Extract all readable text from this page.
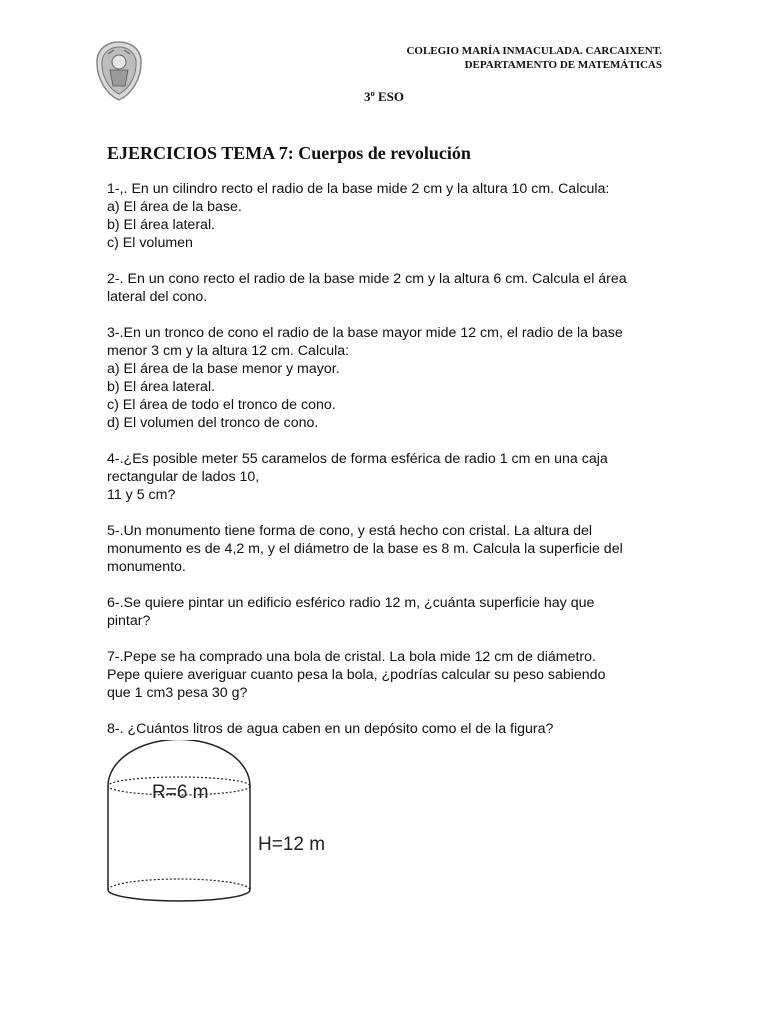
COLEGIO MARÍA INMACULADA. CARCAIXENT.
DEPARTAMENTO DE MATEMÁTICAS
3º ESO
EJERCICIOS TEMA 7: Cuerpos de revolución

1-,. En un cilindro recto el radio de la base mide 2 cm y la altura 10 cm. Calcula:

a) El área de la base.

b) El área lateral.

c) El volumen

2-. En un cono recto el radio de la base mide 2 cm y la altura 6 cm. Calcula el área

lateral del cono.

3-.En un tronco de cono el radio de la base mayor mide 12 cm, el radio de la base

menor 3 cm y la altura 12 cm. Calcula:

a) El área de la base menor y mayor.

b) El área lateral.

c) El área de todo el tronco de cono.

d) El volumen del tronco de cono.

4-.¿Es posible meter 55 caramelos de forma esférica de radio 1 cm en una caja

rectangular de lados 10,

11 y 5 cm?

5-.Un monumento tiene forma de cono, y está hecho con cristal. La altura del

monumento es de 4,2 m, y el diámetro de la base es 8 m. Calcula la superficie del

monumento.

6-.Se quiere pintar un edificio esférico radio 12 m, ¿cuánta superficie hay que

pintar?

7-.Pepe se ha comprado una bola de cristal. La bola mide 12 cm de diámetro.

Pepe quiere averiguar cuanto pesa la bola, ¿podrías calcular su peso sabiendo

que 1 cm3 pesa 30 g?

8-. ¿Cuántos litros de agua caben en un depósito como el de la figura?

R=6 m
H=12 m
